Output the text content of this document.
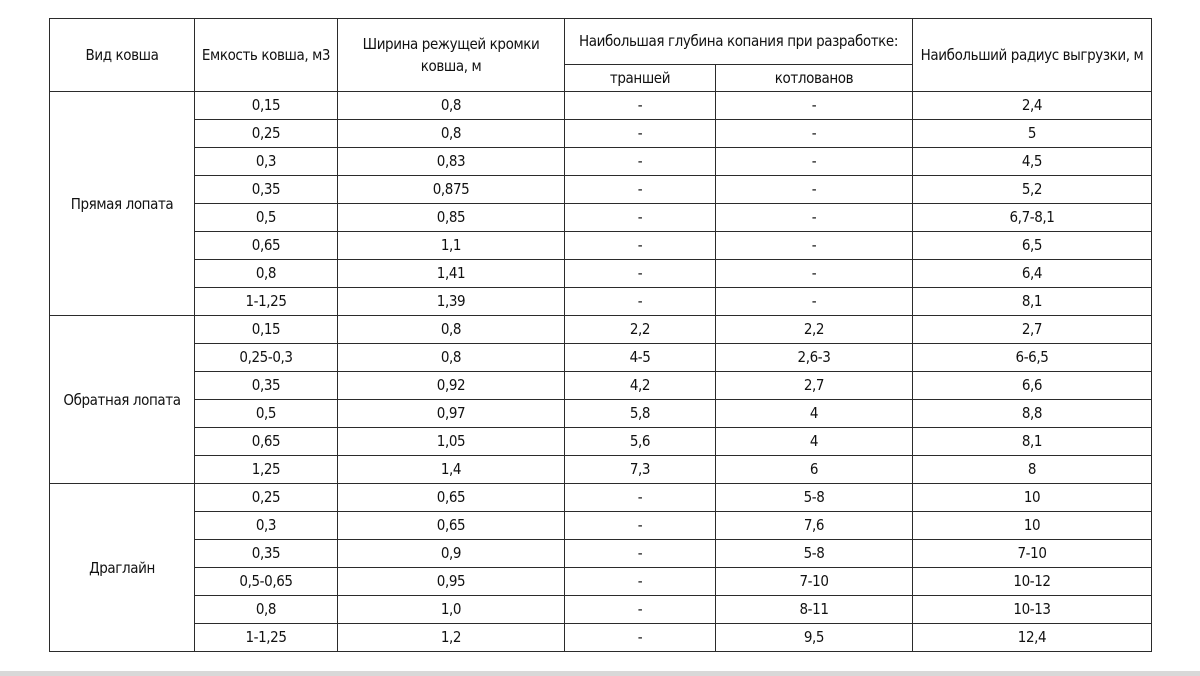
Вид ковша	Емкость ковша, м3	Ширина режущей кромки ковша, м	Наибольшая глубина копания при разработке:		Наибольший радиус выгрузки, м
			траншей	котлованов	
Прямая лопата	0,15	0,8	-	-	2,4
	0,25	0,8	-	-	5
	0,3	0,83	-	-	4,5
	0,35	0,875	-	-	5,2
	0,5	0,85	-	-	6,7-8,1
	0,65	1,1	-	-	6,5
	0,8	1,41	-	-	6,4
	1-1,25	1,39	-	-	8,1
Обратная лопата	0,15	0,8	2,2	2,2	2,7
	0,25-0,3	0,8	4-5	2,6-3	6-6,5
	0,35	0,92	4,2	2,7	6,6
	0,5	0,97	5,8	4	8,8
	0,65	1,05	5,6	4	8,1
	1,25	1,4	7,3	6	8
Драглайн	0,25	0,65	-	5-8	10
	0,3	0,65	-	7,6	10
	0,35	0,9	-	5-8	7-10
	0,5-0,65	0,95	-	7-10	10-12
	0,8	1,0	-	8-11	10-13
	1-1,25	1,2	-	9,5	12,4
